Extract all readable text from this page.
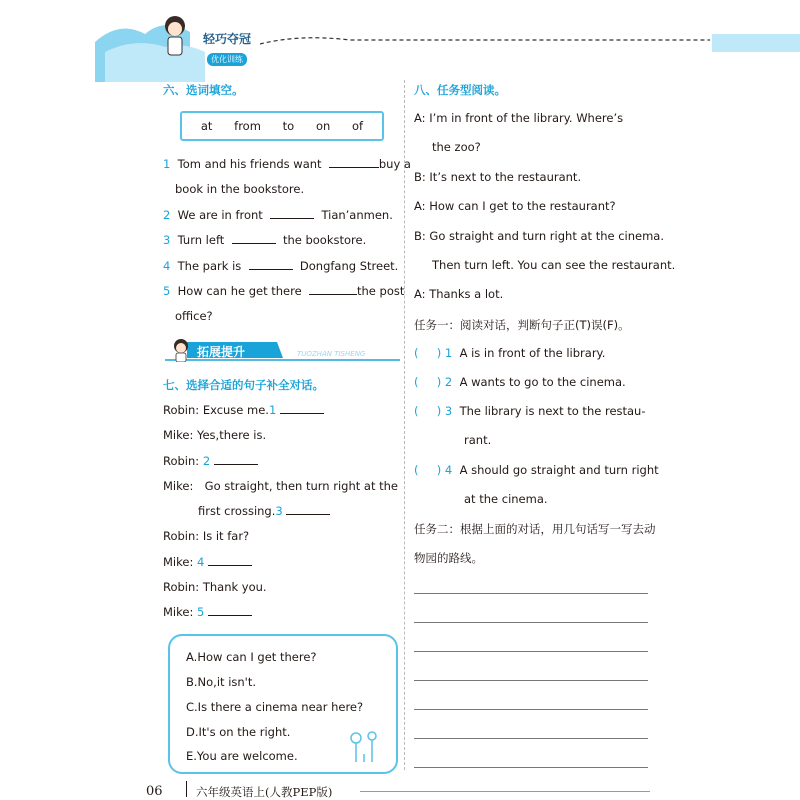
轻巧夺冠
优化训练
六、选词填空。
at from to on of
1 Tom and his friends want	buy a
book in the bookstore.
2 We are in front	Tian’anmen.
3 Turn left	the bookstore.
4 The park is	Dongfang Street.
5 How can he get there	the post
office?
拓展提升	TUOZHAN TISHENG
七、选择合适的句子补全对话。
Robin: Excuse me.1
Mike: Yes,there is.
Robin: 2
Mike: Go straight, then turn right at the
first crossing.3
Robin: Is it far?
Mike: 4
Robin: Thank you.
Mike: 5
A.How can I get there?
B.No,it isn't.
C.Is there a cinema near here?
D.It's on the right.
E.You are welcome.
八、任务型阅读。
A: I’m in front of the library. Where’s
the zoo?
B: It’s next to the restaurant.
A: How can I get to the restaurant?
B: Go straight and turn right at the cinema.
Then turn left. You can see the restaurant.
A: Thanks a lot.
任务一：阅读对话，判断句子正(T)误(F)。
(     ) 1 A is in front of the library.
(     ) 2 A wants to go to the cinema.
(     ) 3 The library is next to the restau-
rant.
(     ) 4 A should go straight and turn right
at the cinema.
任务二：根据上面的对话，用几句话写一写去动
物园的路线。
06	六年级英语上(人教PEP版)
